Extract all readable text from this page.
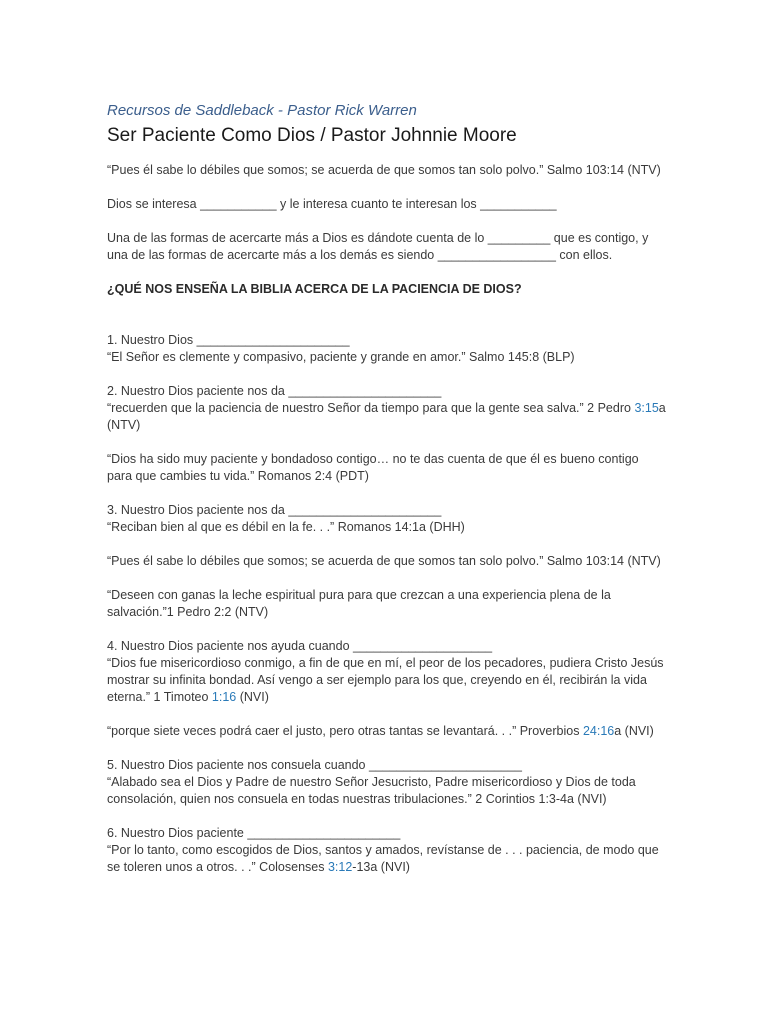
Recursos de Saddleback - Pastor Rick Warren
Ser Paciente Como Dios / Pastor Johnnie Moore

“Pues él sabe lo débiles que somos; se acuerda de que somos tan solo polvo.” Salmo 103:14 (NTV)

Dios se interesa ___________ y le interesa cuanto te interesan los ___________

Una de las formas de acercarte más a Dios es dándote cuenta de lo _________ que es contigo, y una de las formas de acercarte más a los demás es siendo _________________ con ellos.

¿QUÉ NOS ENSEÑA LA BIBLIA ACERCA DE LA PACIENCIA DE DIOS?

1. Nuestro Dios ______________________
“El Señor es clemente y compasivo, paciente y grande en amor.” Salmo 145:8 (BLP)

2. Nuestro Dios paciente nos da ______________________
“recuerden que la paciencia de nuestro Señor da tiempo para que la gente sea salva.” 2 Pedro 3:15a (NTV)

“Dios ha sido muy paciente y bondadoso contigo… no te das cuenta de que él es bueno contigo para que cambies tu vida.” Romanos 2:4 (PDT)

3. Nuestro Dios paciente nos da ______________________
“Reciban bien al que es débil en la fe. . .” Romanos 14:1a (DHH)

“Pues él sabe lo débiles que somos; se acuerda de que somos tan solo polvo.” Salmo 103:14 (NTV)

“Deseen con ganas la leche espiritual pura para que crezcan a una experiencia plena de la salvación.”1 Pedro 2:2 (NTV)

4. Nuestro Dios paciente nos ayuda cuando ____________________
“Dios fue misericordioso conmigo, a fin de que en mí, el peor de los pecadores, pudiera Cristo Jesús mostrar su infinita bondad. Así vengo a ser ejemplo para los que, creyendo en él, recibirán la vida eterna.” 1 Timoteo 1:16 (NVI)

“porque siete veces podrá caer el justo, pero otras tantas se levantará. . .” Proverbios 24:16a (NVI)

5. Nuestro Dios paciente nos consuela cuando ______________________
“Alabado sea el Dios y Padre de nuestro Señor Jesucristo, Padre misericordioso y Dios de toda consolación, quien nos consuela en todas nuestras tribulaciones.” 2 Corintios 1:3-4a (NVI)

6. Nuestro Dios paciente ______________________
“Por lo tanto, como escogidos de Dios, santos y amados, revístanse de . . . paciencia, de modo que se toleren unos a otros. . .” Colosenses 3:12-13a (NVI)
